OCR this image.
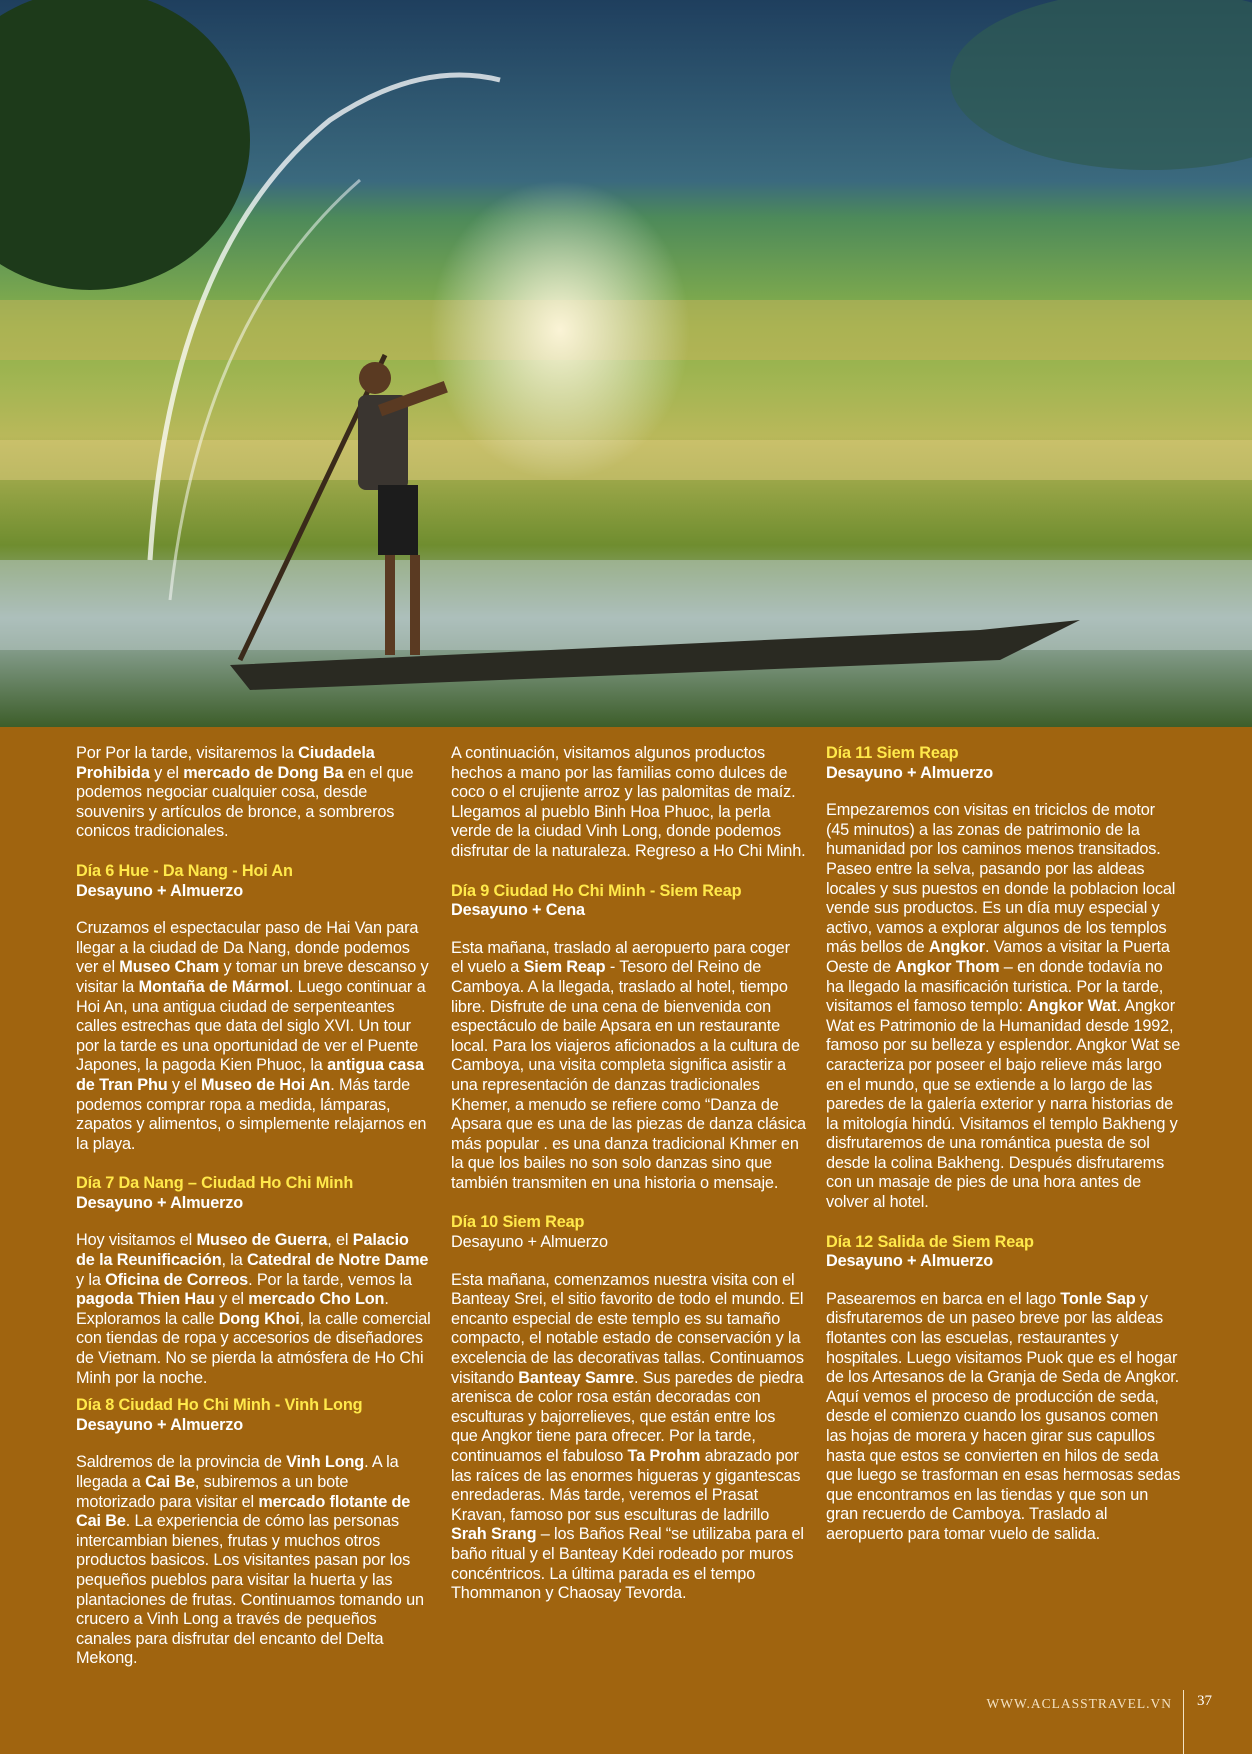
Por Por la tarde, visitaremos la Ciudadela Prohibida y el mercado de Dong Ba en el que podemos negociar cualquier cosa, desde souvenirs y artículos de bronce, a sombreros conicos tradicionales.

Día 6 Hue - Da Nang - Hoi An
Desayuno + Almuerzo

Cruzamos el espectacular paso de Hai Van para llegar a la ciudad de Da Nang, donde podemos ver el Museo Cham y tomar un breve descanso y visitar la Montaña de Mármol. Luego continuar a Hoi An, una antigua ciudad de serpenteantes calles estrechas que data del siglo XVI. Un tour por la tarde es una oportunidad de ver el Puente Japones, la pagoda Kien Phuoc, la antigua casa de Tran Phu y el Museo de Hoi An. Más tarde podemos comprar ropa a medida, lámparas, zapatos y alimentos, o simplemente relajarnos en la playa.

Día 7 Da Nang – Ciudad Ho Chi Minh
Desayuno + Almuerzo

Hoy visitamos el Museo de Guerra, el Palacio de la Reunificación, la Catedral de Notre Dame y la Oficina de Correos. Por la tarde, vemos la pagoda Thien Hau y el mercado Cho Lon. Exploramos la calle Dong Khoi, la calle comercial con tiendas de ropa y accesorios de diseñadores de Vietnam. No se pierda la atmósfera de Ho Chi Minh por la noche.

Día 8 Ciudad Ho Chi Minh - Vinh Long
Desayuno + Almuerzo

Saldremos de la provincia de Vinh Long. A la llegada a Cai Be, subiremos a un bote motorizado para visitar el mercado flotante de Cai Be. La experiencia de cómo las personas intercambian bienes, frutas y muchos otros productos basicos. Los visitantes pasan por los pequeños pueblos para visitar la huerta y las plantaciones de frutas. Continuamos tomando un crucero a Vinh Long a través de pequeños canales para disfrutar del encanto del Delta Mekong.

A continuación, visitamos algunos productos hechos a mano por las familias como dulces de coco o el crujiente arroz y las palomitas de maíz. Llegamos al pueblo Binh Hoa Phuoc, la perla verde de la ciudad Vinh Long, donde podemos disfrutar de la naturaleza. Regreso a Ho Chi Minh.

Día 9 Ciudad Ho Chi Minh - Siem Reap
Desayuno + Cena

Esta mañana, traslado al aeropuerto para coger el vuelo a Siem Reap - Tesoro del Reino de Camboya. A la llegada, traslado al hotel, tiempo libre. Disfrute de una cena de bienvenida con espectáculo de baile Apsara en un restaurante local. Para los viajeros aficionados a la cultura de Camboya, una visita completa significa asistir a una representación de danzas tradicionales Khemer, a menudo se refiere como “Danza de Apsara que es una de las piezas de danza clásica más popular . es una danza tradicional Khmer en la que los bailes no son solo danzas sino que también transmiten en una historia o mensaje.

Día 10 Siem Reap
Desayuno + Almuerzo

Esta mañana, comenzamos nuestra visita con el Banteay Srei, el sitio favorito de todo el mundo. El encanto especial de este templo es su tamaño compacto, el notable estado de conservación y la excelencia de las decorativas tallas. Continuamos visitando Banteay Samre. Sus paredes de piedra arenisca de color rosa están decoradas con esculturas y bajorrelieves, que están entre los que Angkor tiene para ofrecer. Por la tarde, continuamos el fabuloso Ta Prohm abrazado por las raíces de las enormes higueras y gigantescas enredaderas. Más tarde, veremos el Prasat Kravan, famoso por sus esculturas de ladrillo Srah Srang – los Baños Real “se utilizaba para el baño ritual y el Banteay Kdei rodeado por muros concéntricos. La última parada es el tempo Thommanon y Chaosay Tevorda.

Día 11 Siem Reap
Desayuno + Almuerzo

Empezaremos con visitas en triciclos de motor (45 minutos) a las zonas de patrimonio de la humanidad por los caminos menos transitados. Paseo entre la selva, pasando por las aldeas locales y sus puestos en donde la poblacion local vende sus productos. Es un día muy especial y activo, vamos a explorar algunos de los templos más bellos de Angkor. Vamos a visitar la Puerta Oeste de Angkor Thom – en donde todavía no ha llegado la masificación turistica. Por la tarde, visitamos el famoso templo: Angkor Wat. Angkor Wat es Patrimonio de la Humanidad desde 1992, famoso por su belleza y esplendor. Angkor Wat se caracteriza por poseer el bajo relieve más largo en el mundo, que se extiende a lo largo de las paredes de la galería exterior y narra historias de la mitología hindú. Visitamos el templo Bakheng y disfrutaremos de una romántica puesta de sol desde la colina Bakheng. Después disfrutarems con un masaje de pies de una hora antes de volver al hotel.

Día 12 Salida de Siem Reap
Desayuno + Almuerzo

Pasearemos en barca en el lago Tonle Sap y disfrutaremos de un paseo breve por las aldeas flotantes con las escuelas, restaurantes y hospitales. Luego visitamos Puok que es el hogar de los Artesanos de la Granja de Seda de Angkor. Aquí vemos el proceso de producción de seda, desde el comienzo cuando los gusanos comen las hojas de morera y hacen girar sus capullos hasta que estos se convierten en hilos de seda que luego se trasforman en esas hermosas sedas que encontramos en las tiendas y que son un gran recuerdo de Camboya. Traslado al aeropuerto para tomar vuelo de salida.

WWW.ACLASSTRAVEL.VN 37
